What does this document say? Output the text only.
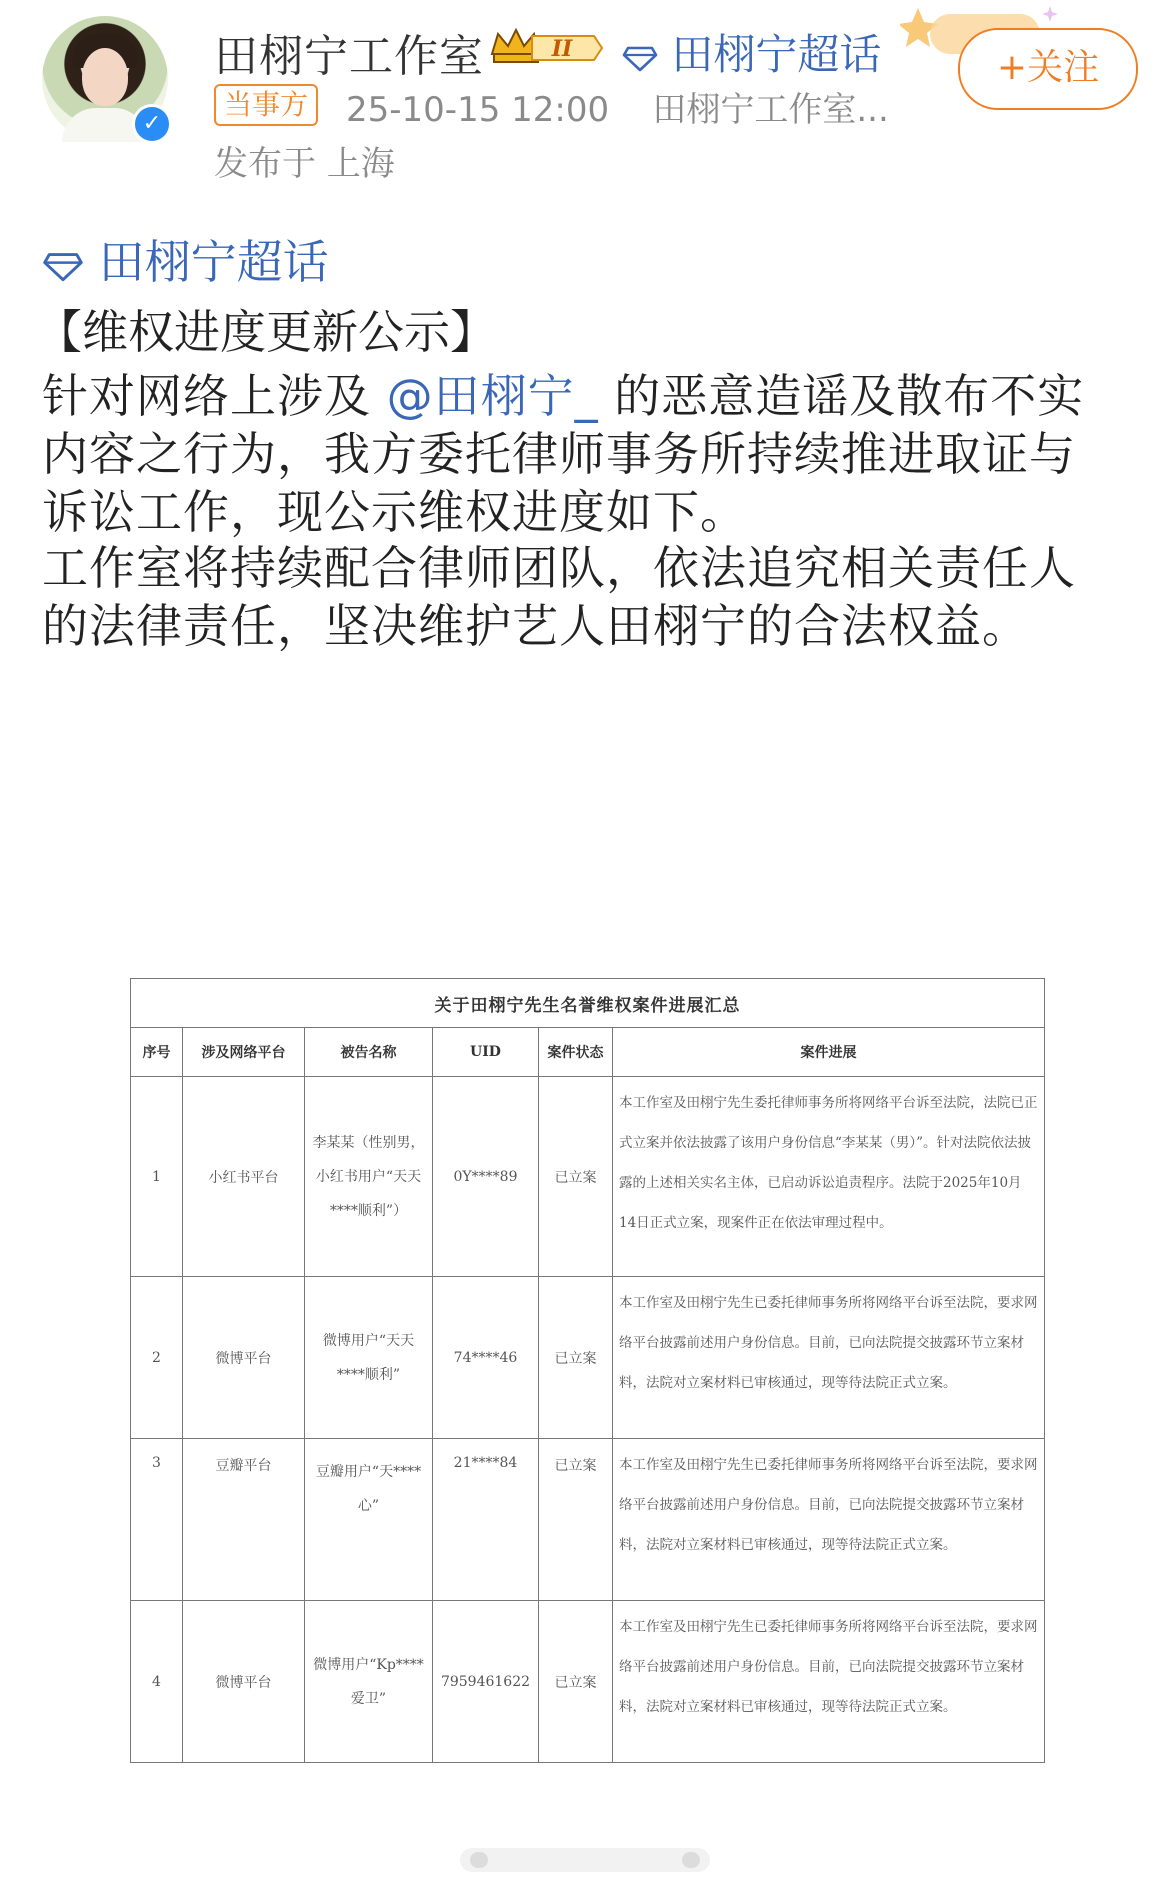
✓
田栩宁工作室	II	田栩宁超话	+关注
当事方 25-10-15 12:00 田栩宁工作室...
发布于 上海
田栩宁超话
【维权进度更新公示】
针对网络上涉及 @田栩宁_ 的恶意造谣及散布不实
内容之行为，我方委托律师事务所持续推进取证与
诉讼工作，现公示维权进度如下。
工作室将持续配合律师团队，依法追究相关责任人
的法律责任，坚决维护艺人田栩宁的合法权益。
关于田栩宁先生名誉维权案件进展汇总					
序号	涉及网络平台	被告名称	UID	案件状态	案件进展
1	小红书平台	李某某（性别男，小红书用户“天天****顺利”）	0Y****89	已立案	本工作室及田栩宁先生委托律师事务所将网络平台诉至法院，法院已正式立案并依法披露了该用户身份信息“李某某（男）”。针对法院依法披露的上述相关实名主体，已启动诉讼追责程序。法院于2025年10月14日正式立案，现案件正在依法审理过程中。
2	微博平台	微博用户“天天****顺利”	74****46	已立案	本工作室及田栩宁先生已委托律师事务所将网络平台诉至法院，要求网络平台披露前述用户身份信息。目前，已向法院提交披露环节立案材料，法院对立案材料已审核通过，现等待法院正式立案。
3	豆瓣平台	豆瓣用户“天****心”	21****84	已立案	本工作室及田栩宁先生已委托律师事务所将网络平台诉至法院，要求网络平台披露前述用户身份信息。目前，已向法院提交披露环节立案材料，法院对立案材料已审核通过，现等待法院正式立案。
4	微博平台	微博用户“Kp****爱卫”	7959461622	已立案	本工作室及田栩宁先生已委托律师事务所将网络平台诉至法院，要求网络平台披露前述用户身份信息。目前，已向法院提交披露环节立案材料，法院对立案材料已审核通过，现等待法院正式立案。
